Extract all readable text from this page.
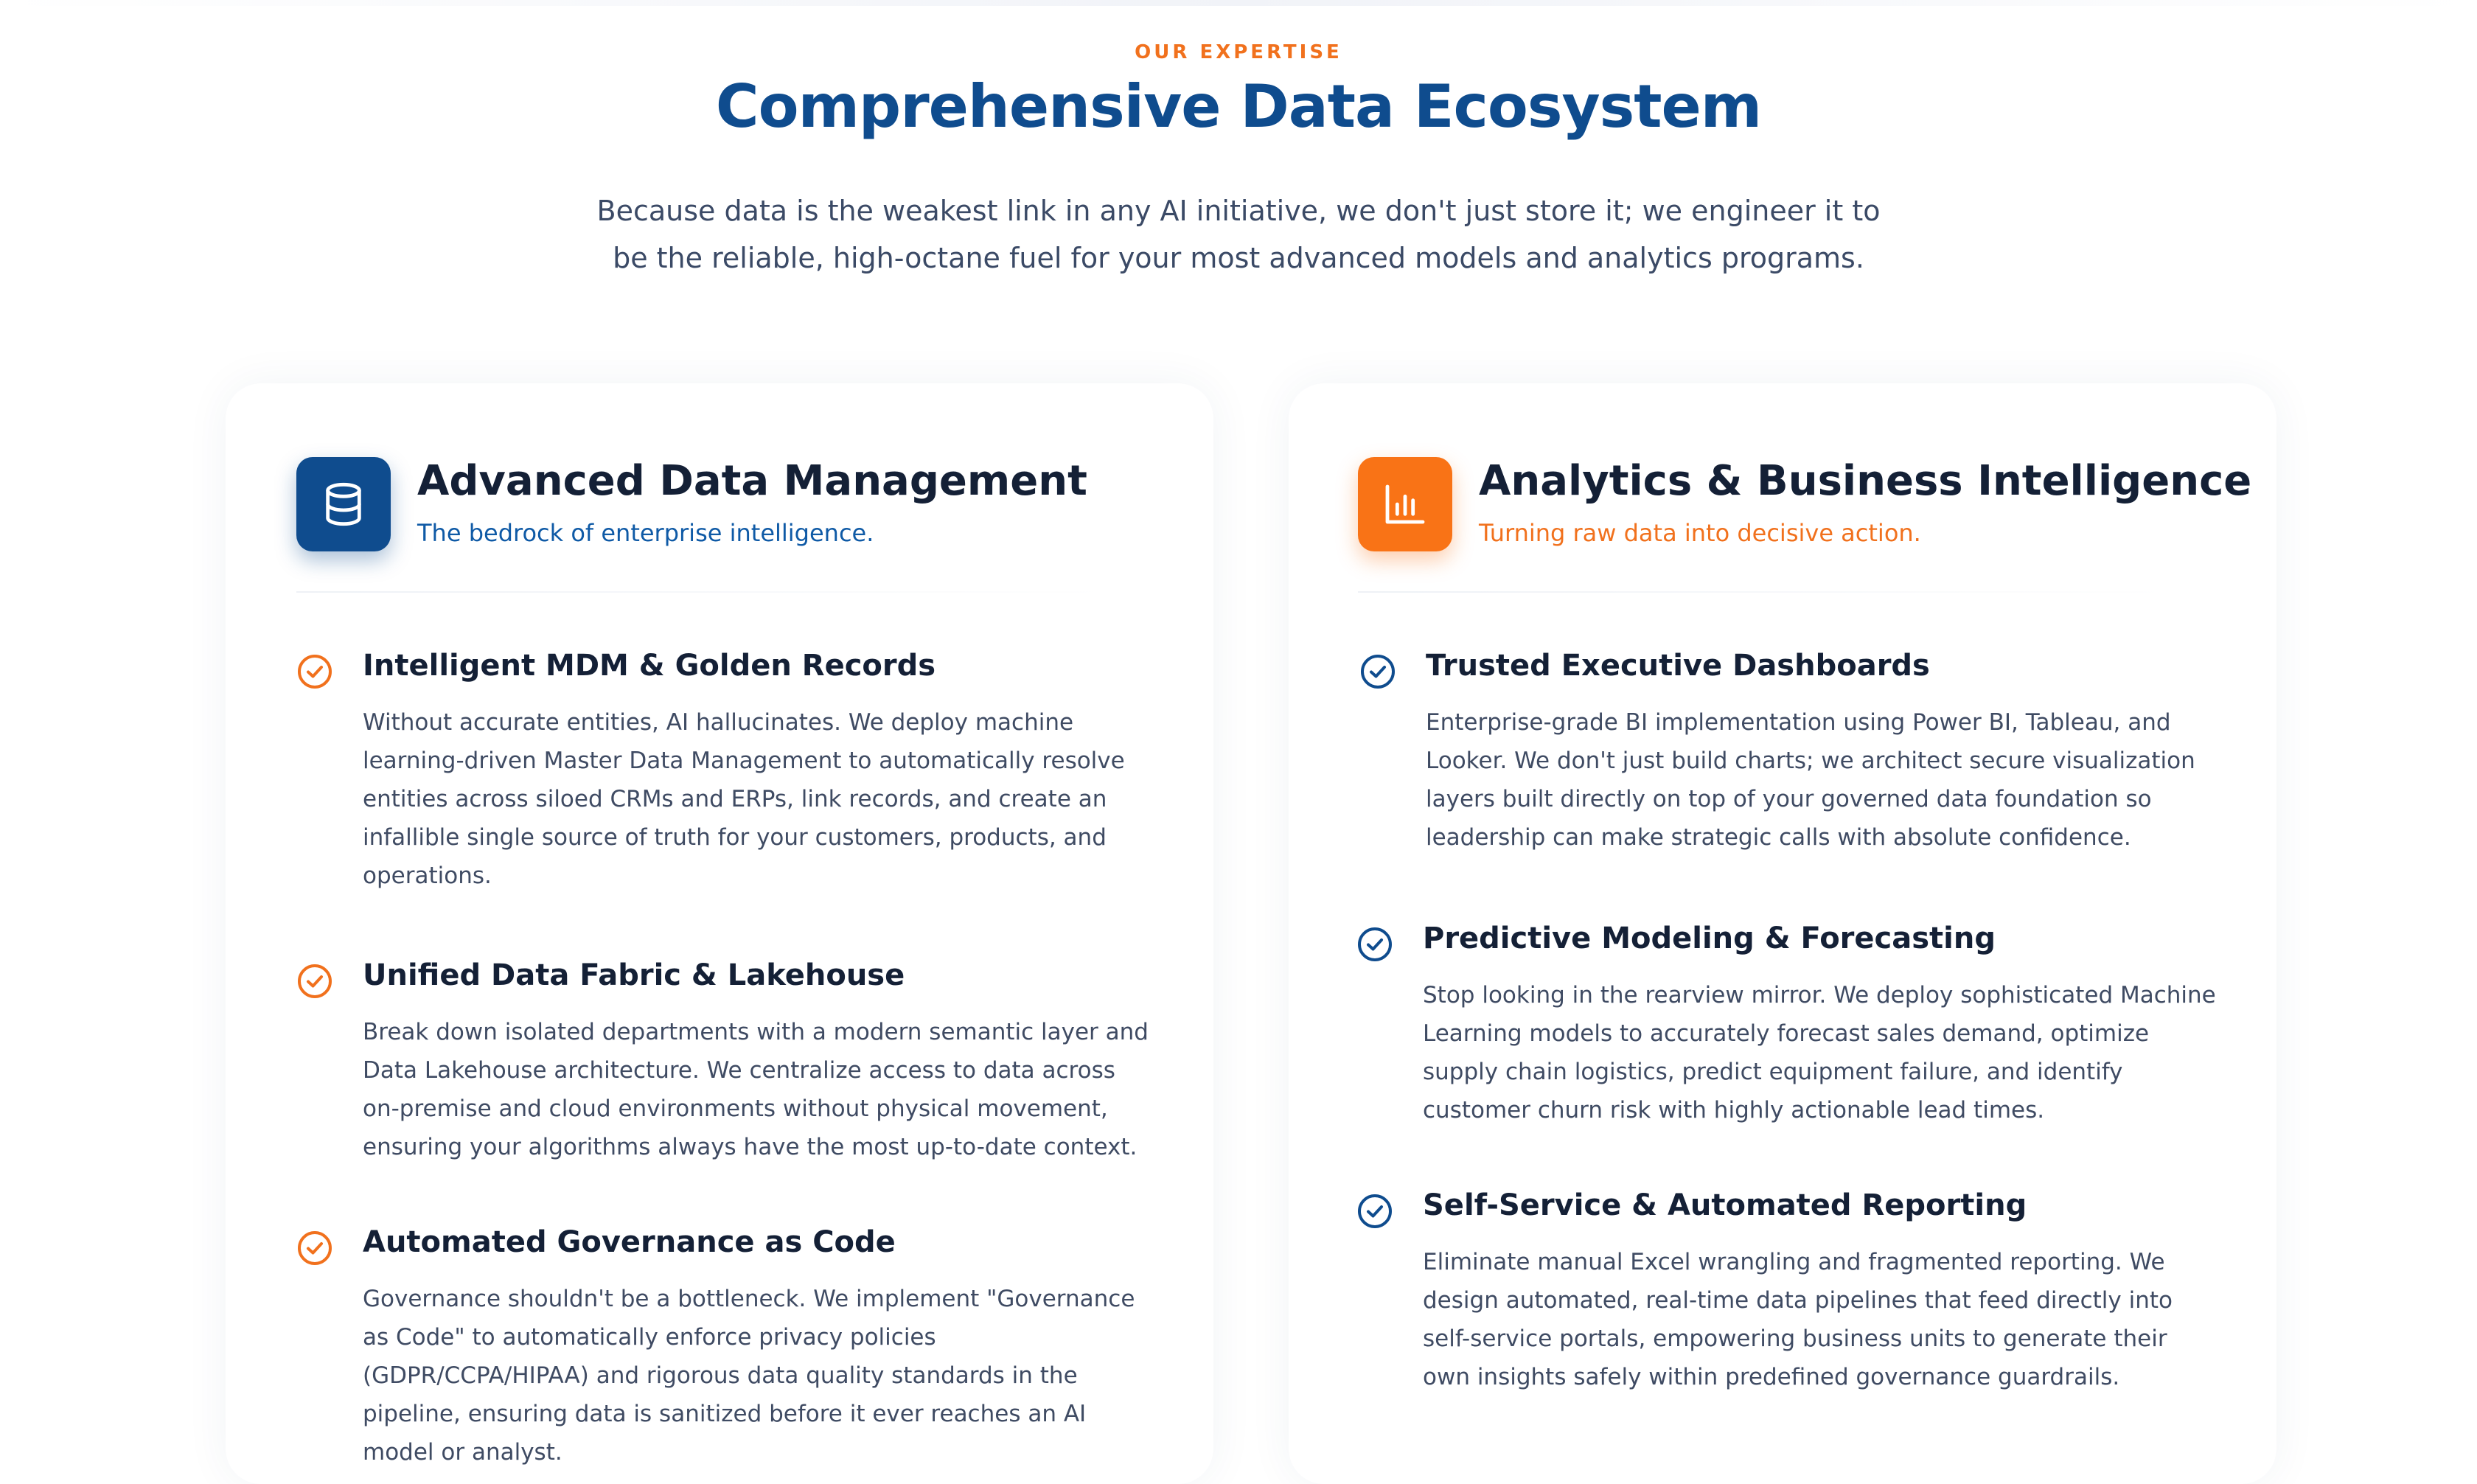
OUR EXPERTISE
Comprehensive Data Ecosystem
Because data is the weakest link in any AI initiative, we don't just store it; we engineer it to be the reliable, high-octane fuel for your most advanced models and analytics programs.
Advanced Data Management
The bedrock of enterprise intelligence.
Intelligent MDM & Golden Records
Without accurate entities, AI hallucinates. We deploy machine learning-driven Master Data Management to automatically resolve entities across siloed CRMs and ERPs, link records, and create an infallible single source of truth for your customers, products, and operations.
Unified Data Fabric & Lakehouse
Break down isolated departments with a modern semantic layer and Data Lakehouse architecture. We centralize access to data across on-premise and cloud environments without physical movement, ensuring your algorithms always have the most up-to-date context.
Automated Governance as Code
Governance shouldn't be a bottleneck. We implement "Governance as Code" to automatically enforce privacy policies (GDPR/CCPA/HIPAA) and rigorous data quality standards in the pipeline, ensuring data is sanitized before it ever reaches an AI model or analyst.
Analytics & Business Intelligence
Turning raw data into decisive action.
Trusted Executive Dashboards
Enterprise-grade BI implementation using Power BI, Tableau, and Looker. We don't just build charts; we architect secure visualization layers built directly on top of your governed data foundation so leadership can make strategic calls with absolute confidence.
Predictive Modeling & Forecasting
Stop looking in the rearview mirror. We deploy sophisticated Machine Learning models to accurately forecast sales demand, optimize supply chain logistics, predict equipment failure, and identify customer churn risk with highly actionable lead times.
Self-Service & Automated Reporting
Eliminate manual Excel wrangling and fragmented reporting. We design automated, real-time data pipelines that feed directly into self-service portals, empowering business units to generate their own insights safely within predefined governance guardrails.
